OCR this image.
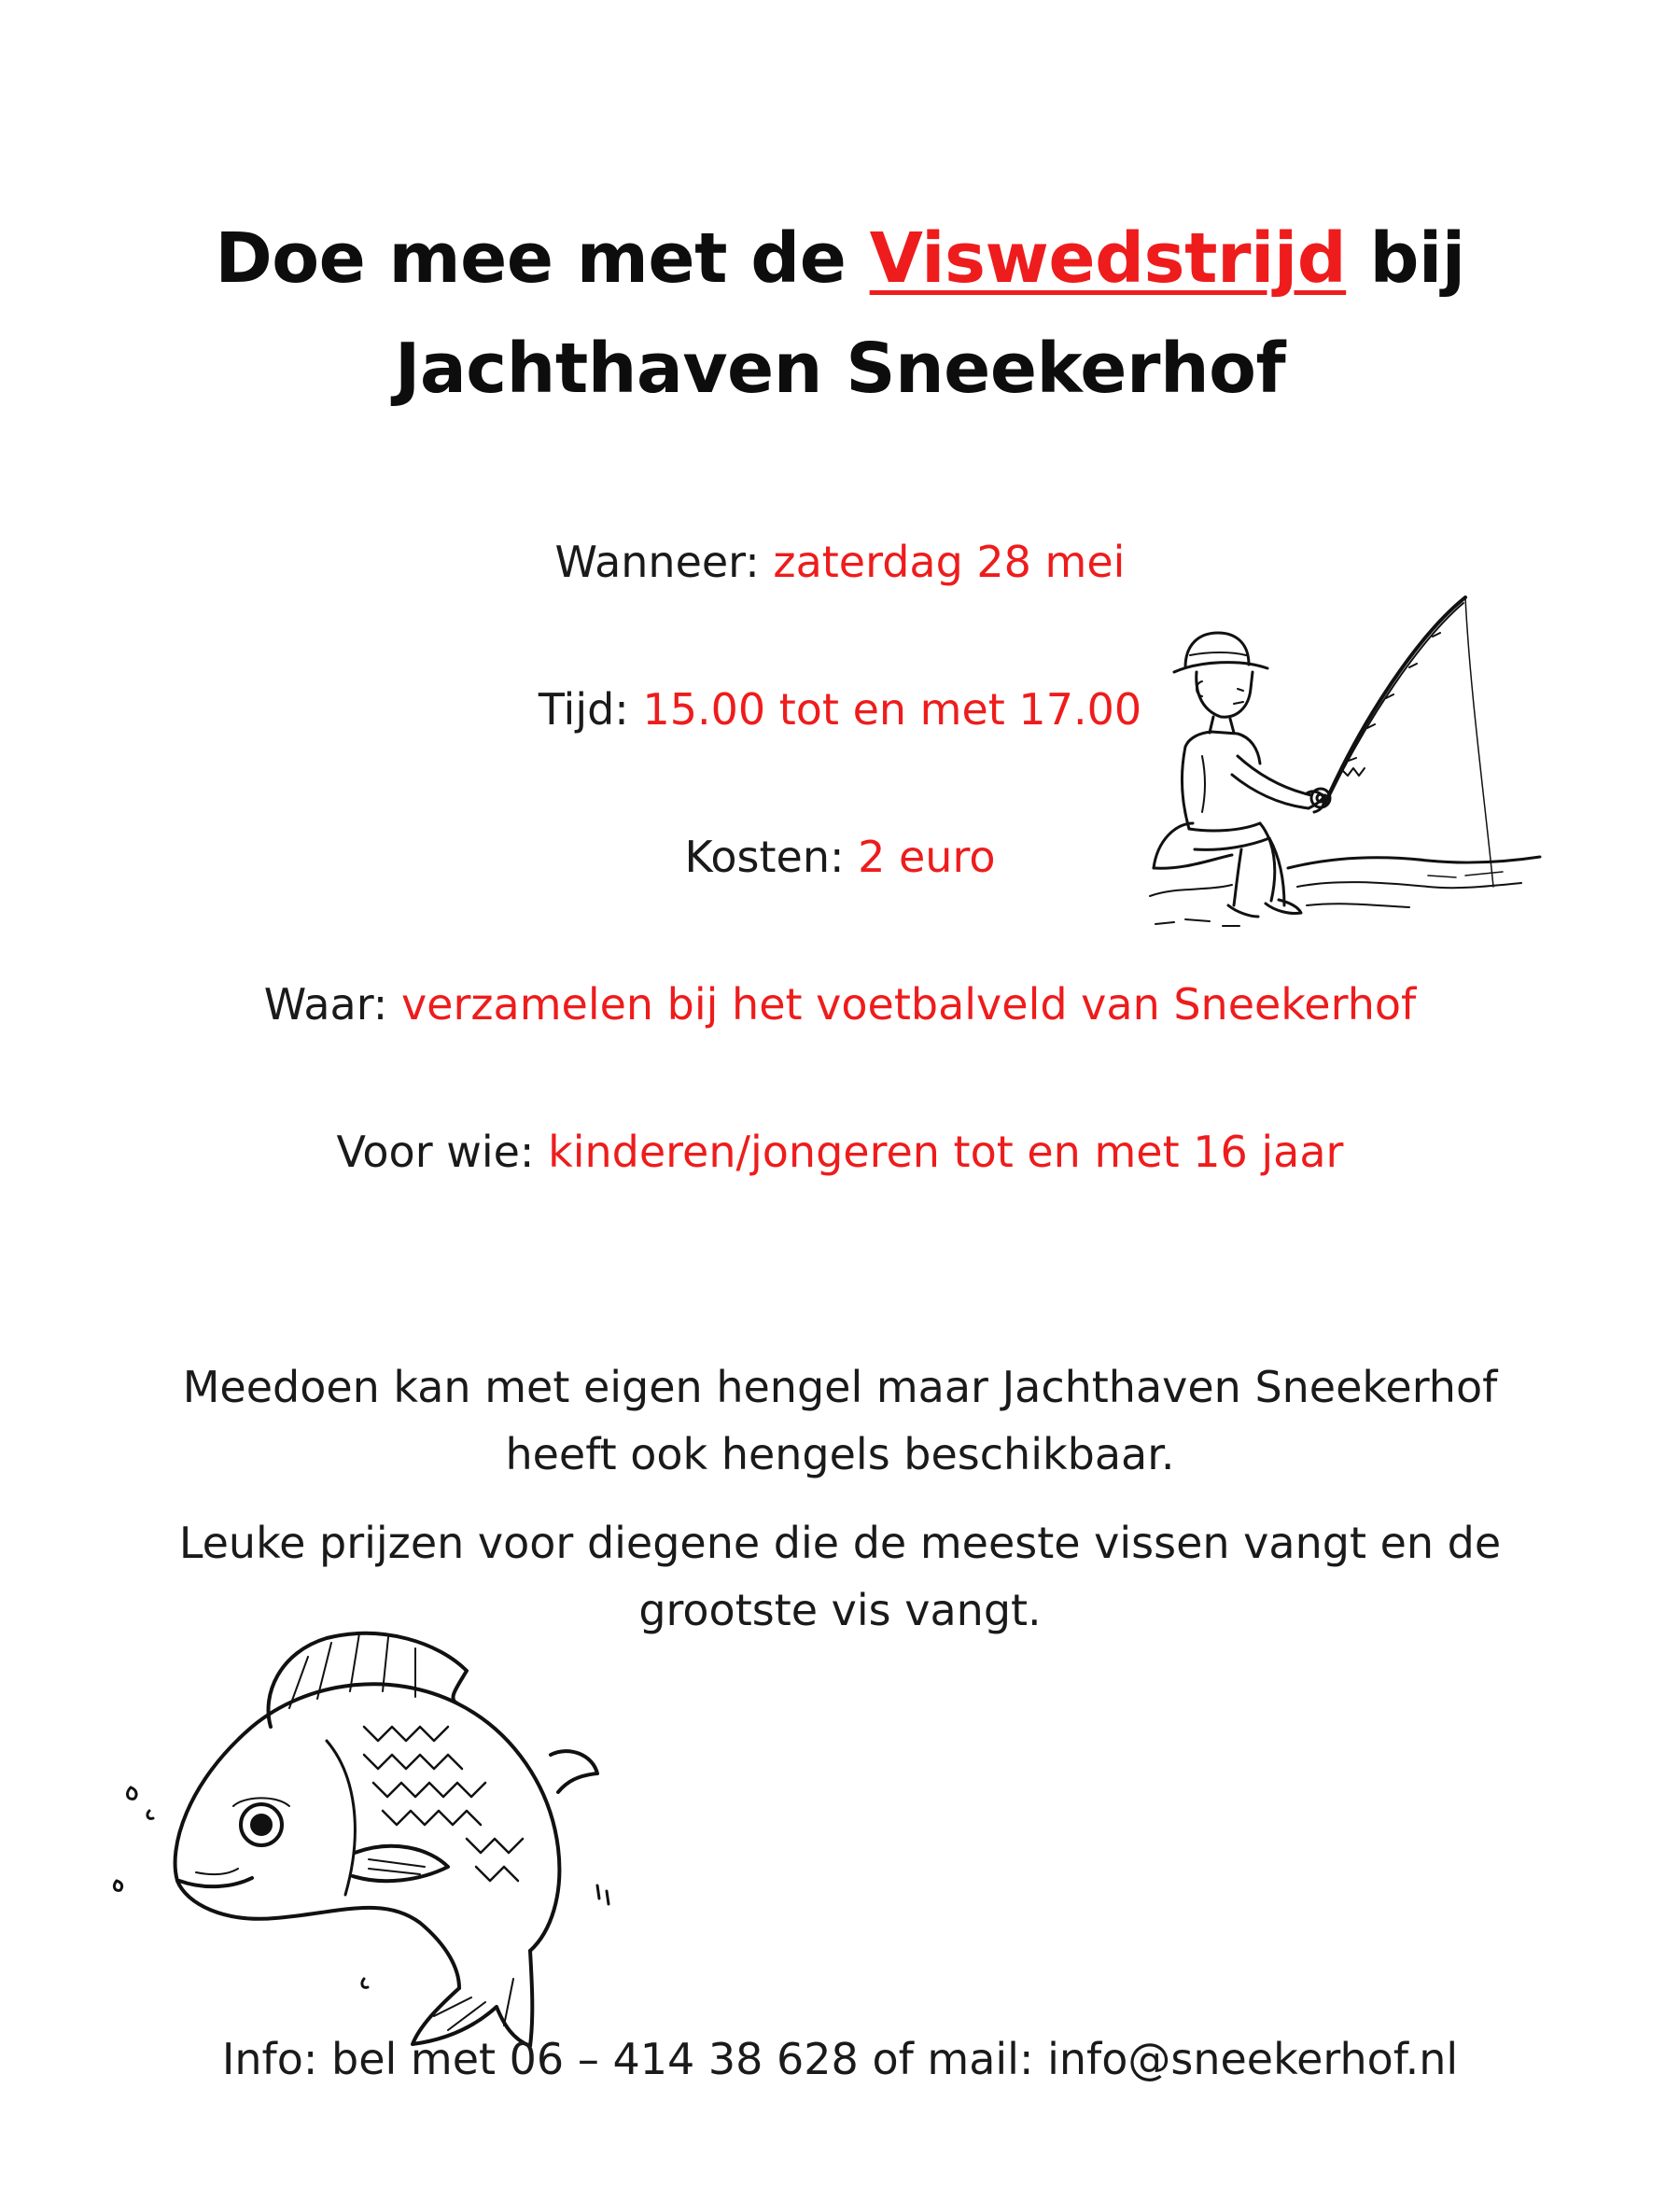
Doe mee met de Viswedstrijd bij
Jachthaven Sneekerhof
Wanneer: zaterdag 28 mei
Tijd: 15.00 tot en met 17.00
Kosten: 2 euro
Waar: verzamelen bij het voetbalveld van Sneekerhof
Voor wie: kinderen/jongeren tot en met 16 jaar
Meedoen kan met eigen hengel maar Jachthaven Sneekerhof
heeft ook hengels beschikbaar.
Leuke prijzen voor diegene die de meeste vissen vangt en de
grootste vis vangt.
Info: bel met 06 – 414 38 628 of mail: info@sneekerhof.nl
